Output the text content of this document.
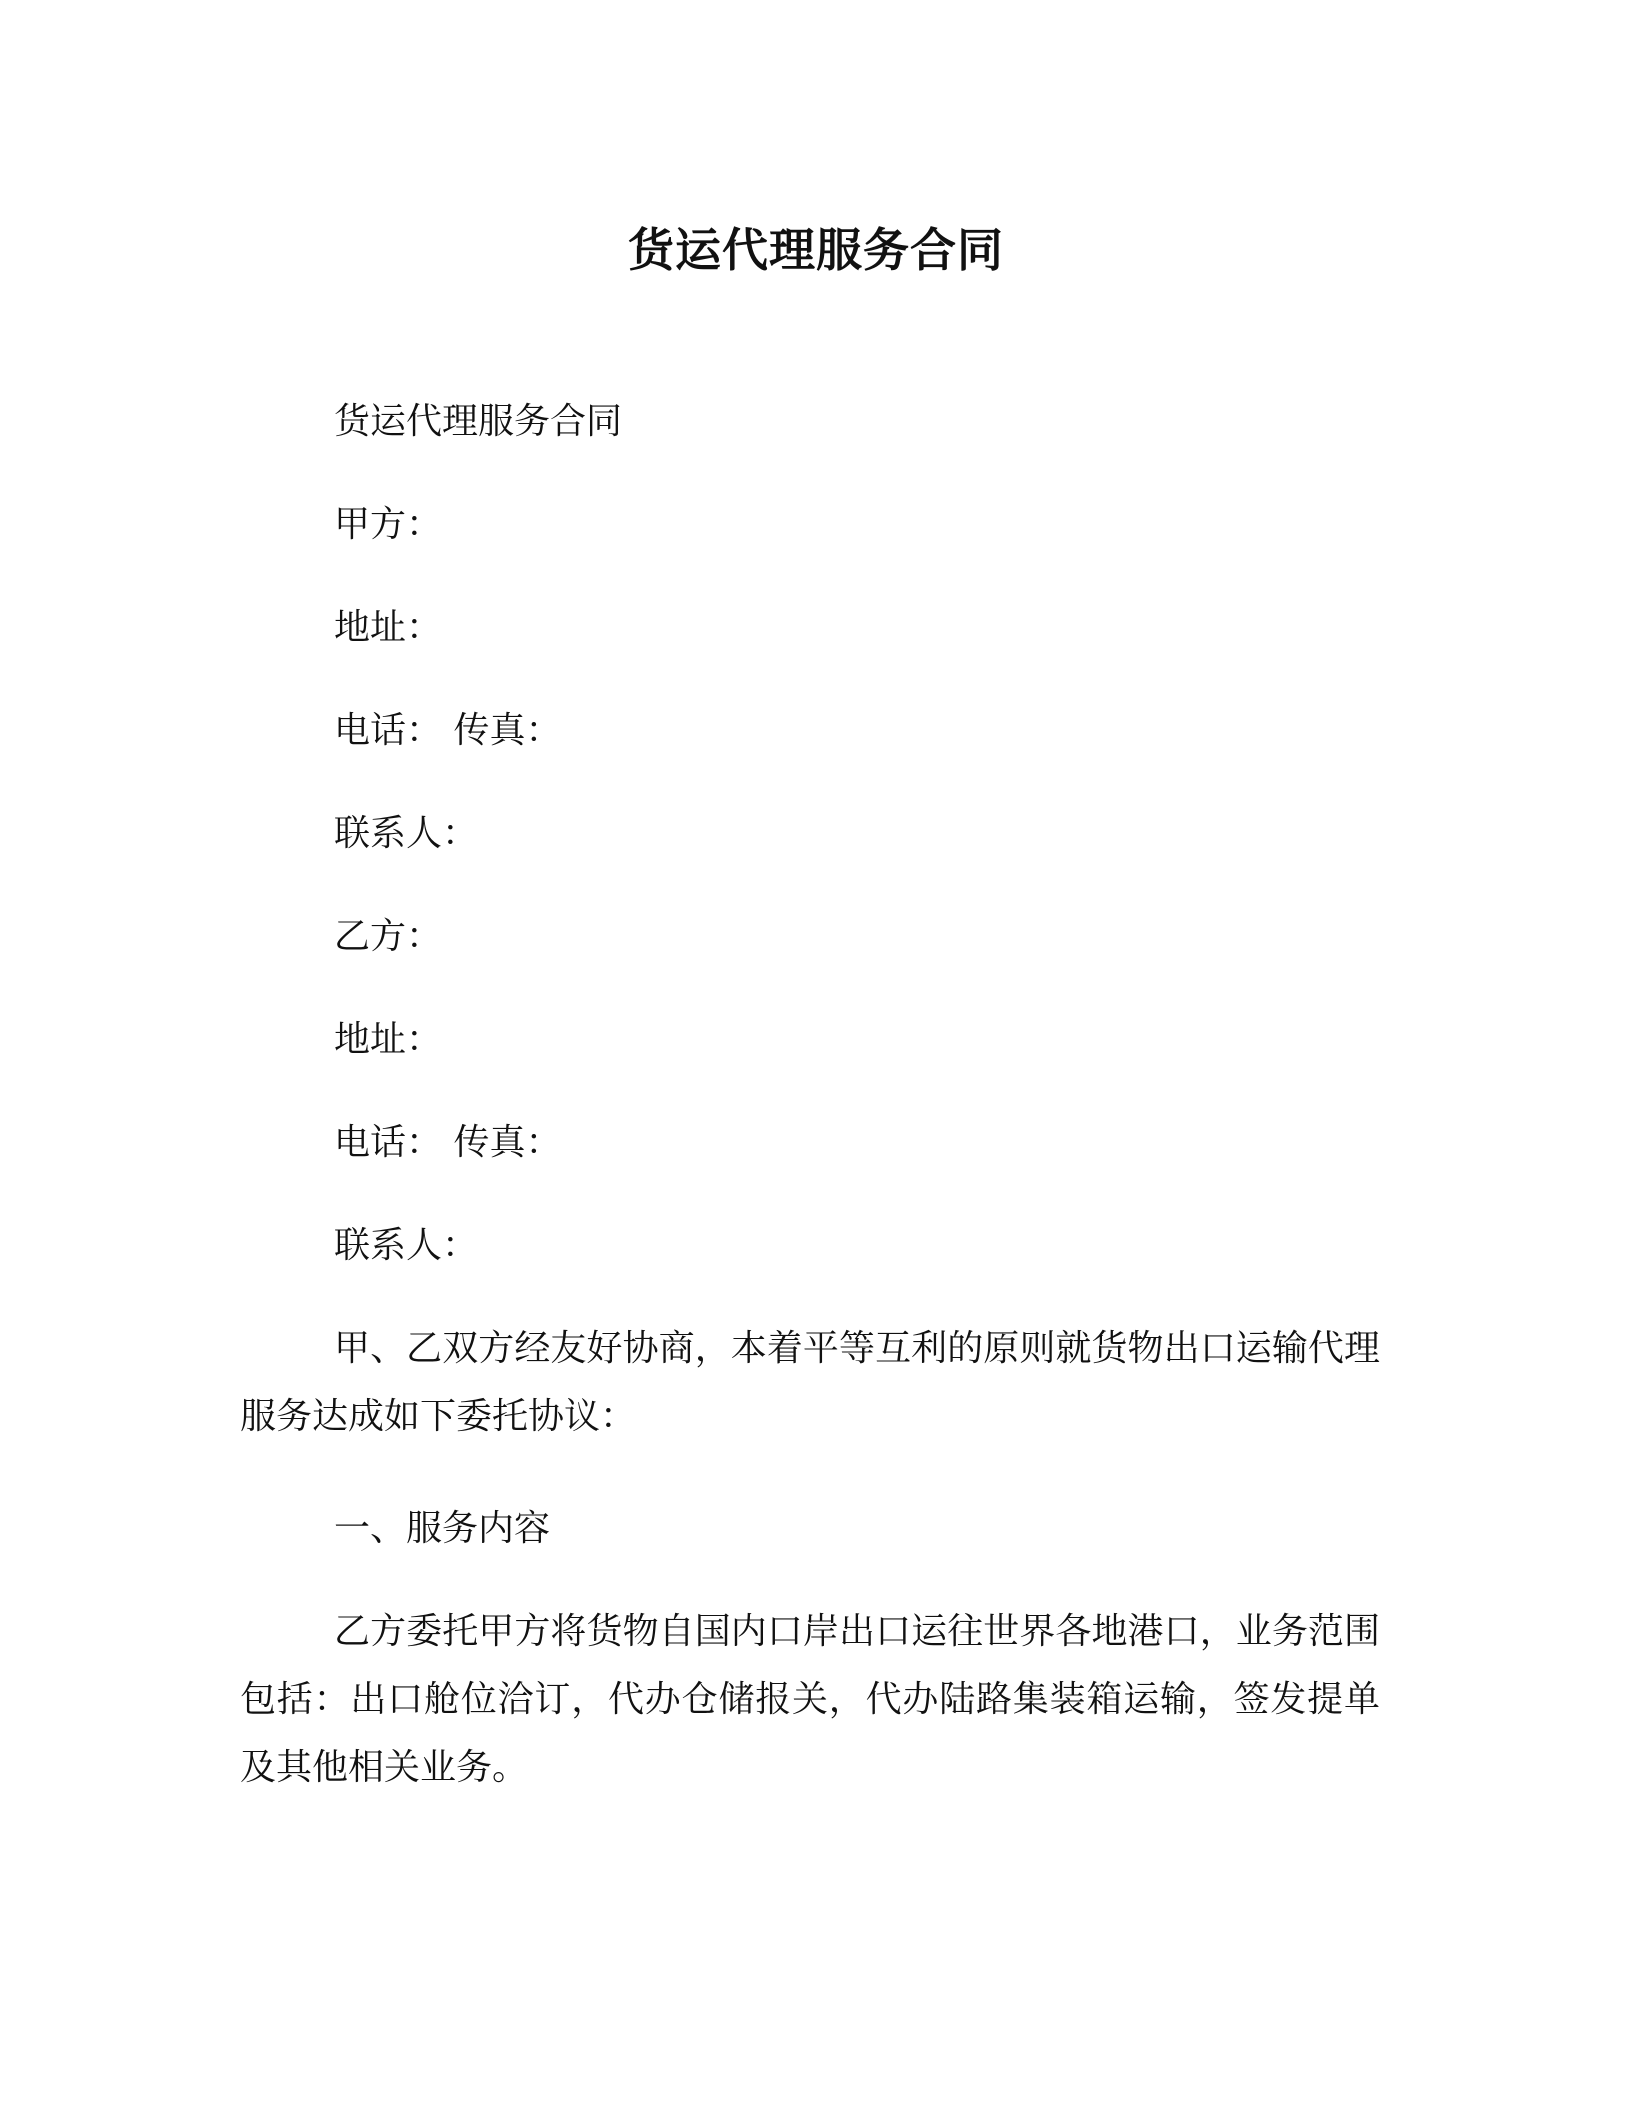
货运代理服务合同
货运代理服务合同
甲方：
地址：
电话： 传真：
联系人：
乙方：
地址：
电话： 传真：
联系人：
甲、乙双方经友好协商，本着平等互利的原则就货物出口运输代理服务达成如下委托协议：
一、服务内容
乙方委托甲方将货物自国内口岸出口运往世界各地港口，业务范围包括：出口舱位洽订，代办仓储报关，代办陆路集装箱运输，签发提单及其他相关业务。
